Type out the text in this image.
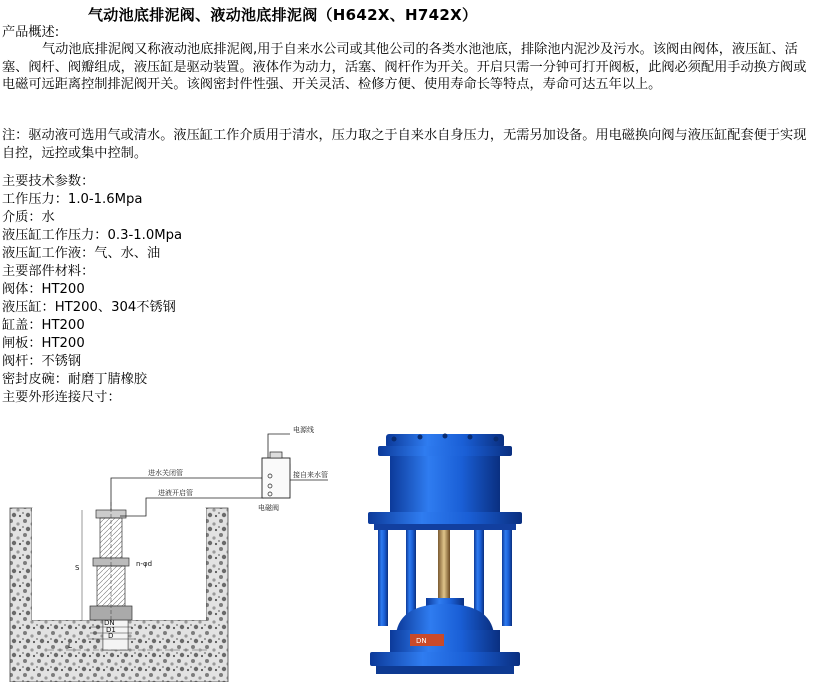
气动池底排泥阀、液动池底排泥阀（H642X、H742X）
产品概述:
气动池底排泥阀又称液动池底排泥阀,用于自来水公司或其他公司的各类水池池底，排除池内泥沙及污水。该阀由阀体，液压缸、活塞、阀杆、阀瓣组成，液压缸是驱动装置。液体作为动力，活塞、阀杆作为开关。开启只需一分钟可打开阀板，此阀必须配用手动换方阀或电磁可远距离控制排泥阀开关。该阀密封件性强、开关灵活、检修方便、使用寿命长等特点，寿命可达五年以上。
注：驱动液可选用气或清水。液压缸工作介质用于清水，压力取之于自来水自身压力，无需另加设备。用电磁换向阀与液压缸配套便于实现自控，远控或集中控制。
主要技术参数：
工作压力：1.0-1.6Mpa
介质：水
液压缸工作压力：0.3-1.0Mpa
液压缸工作液：气、水、油
主要部件材料：
阀体：HT200
液压缸：HT200、304不锈钢
缸盖：HT200
闸板：HT200
阀杆：不锈钢
密封皮碗：耐磨丁腈橡胶
主要外形连接尺寸：
S
DN
D1
D
n-φd
L
电源线
进水关闭管	接自来水管
进液开启管
电磁阀
DN
